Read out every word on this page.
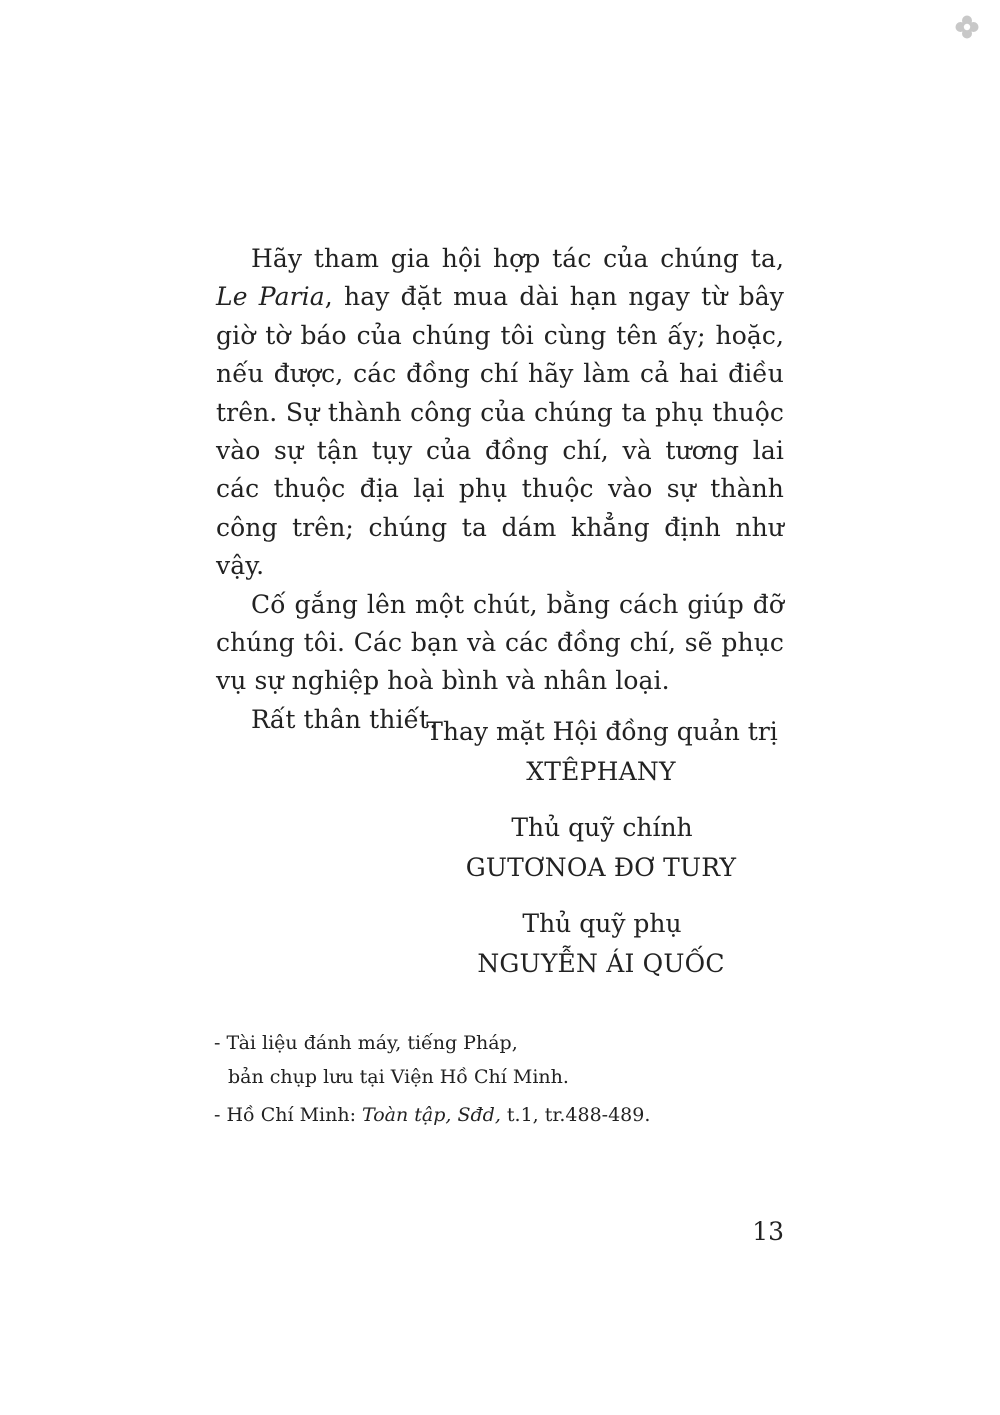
Hãy tham gia hội hợp tác của chúng ta, Le Paria, hay đặt mua dài hạn ngay từ bây giờ tờ báo của chúng tôi cùng tên ấy; hoặc, nếu được, các đồng chí hãy làm cả hai điều trên. Sự thành công của chúng ta phụ thuộc vào sự tận tụy của đồng chí, và tương lai các thuộc địa lại phụ thuộc vào sự thành công trên; chúng ta dám khẳng định như vậy.

Cố gắng lên một chút, bằng cách giúp đỡ chúng tôi. Các bạn và các đồng chí, sẽ phục vụ sự nghiệp hoà bình và nhân loại.

Rất thân thiết.

Thay mặt Hội đồng quản trị
XTÊPHANY
Thủ quỹ chính
GUTƠNOA ĐƠ TURY
Thủ quỹ phụ
NGUYỄN ÁI QUỐC
- Tài liệu đánh máy, tiếng Pháp,
bản chụp lưu tại Viện Hồ Chí Minh.
- Hồ Chí Minh: Toàn tập, Sđd, t.1, tr.488-489.
13
